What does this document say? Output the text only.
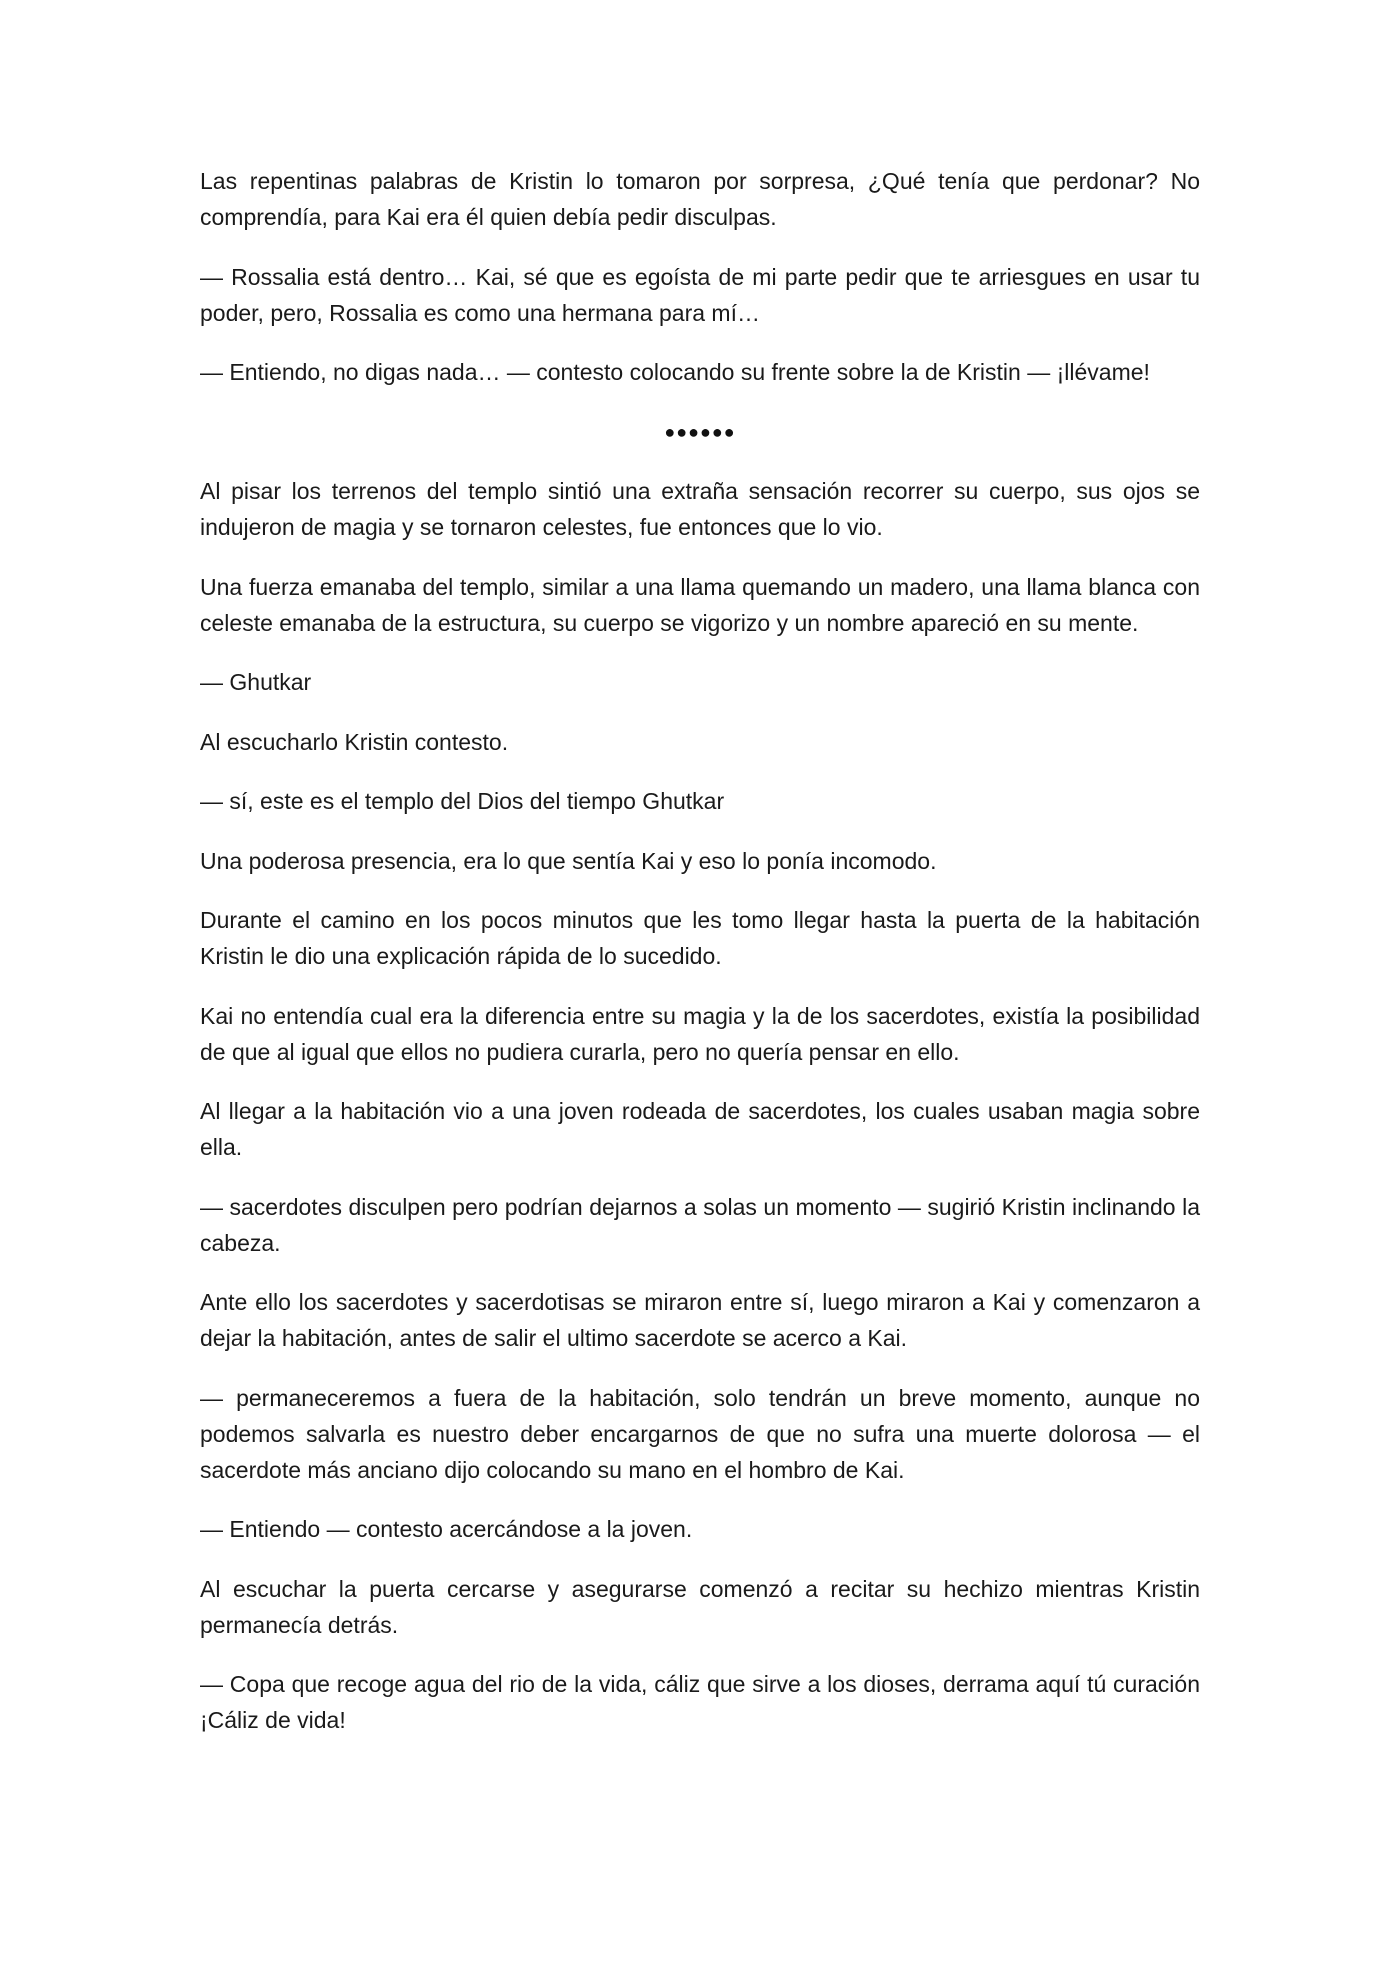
Las repentinas palabras de Kristin lo tomaron por sorpresa, ¿Qué tenía que perdonar? No comprendía, para Kai era él quien debía pedir disculpas.

— Rossalia está dentro… Kai, sé que es egoísta de mi parte pedir que te arriesgues en usar tu poder, pero, Rossalia es como una hermana para mí…

— Entiendo, no digas nada… — contesto colocando su frente sobre la de Kristin — ¡llévame!

●●●●●●

Al pisar los terrenos del templo sintió una extraña sensación recorrer su cuerpo, sus ojos se indujeron de magia y se tornaron celestes, fue entonces que lo vio.

Una fuerza emanaba del templo, similar a una llama quemando un madero, una llama blanca con celeste emanaba de la estructura, su cuerpo se vigorizo y un nombre apareció en su mente.

— Ghutkar

Al escucharlo Kristin contesto.

— sí, este es el templo del Dios del tiempo Ghutkar

Una poderosa presencia, era lo que sentía Kai y eso lo ponía incomodo.

Durante el camino en los pocos minutos que les tomo llegar hasta la puerta de la habitación Kristin le dio una explicación rápida de lo sucedido.

Kai no entendía cual era la diferencia entre su magia y la de los sacerdotes, existía la posibilidad de que al igual que ellos no pudiera curarla, pero no quería pensar en ello.

Al llegar a la habitación vio a una joven rodeada de sacerdotes, los cuales usaban magia sobre ella.

— sacerdotes disculpen pero podrían dejarnos a solas un momento — sugirió Kristin inclinando la cabeza.

Ante ello los sacerdotes y sacerdotisas se miraron entre sí, luego miraron a Kai y comenzaron a dejar la habitación, antes de salir el ultimo sacerdote se acerco a Kai.

— permaneceremos a fuera de la habitación, solo tendrán un breve momento, aunque no podemos salvarla es nuestro deber encargarnos de que no sufra una muerte dolorosa — el sacerdote más anciano dijo colocando su mano en el hombro de Kai.

— Entiendo — contesto acercándose a la joven.

Al escuchar la puerta cercarse y asegurarse comenzó a recitar su hechizo mientras Kristin permanecía detrás.

— Copa que recoge agua del rio de la vida, cáliz que sirve a los dioses, derrama aquí tú curación ¡Cáliz de vida!
